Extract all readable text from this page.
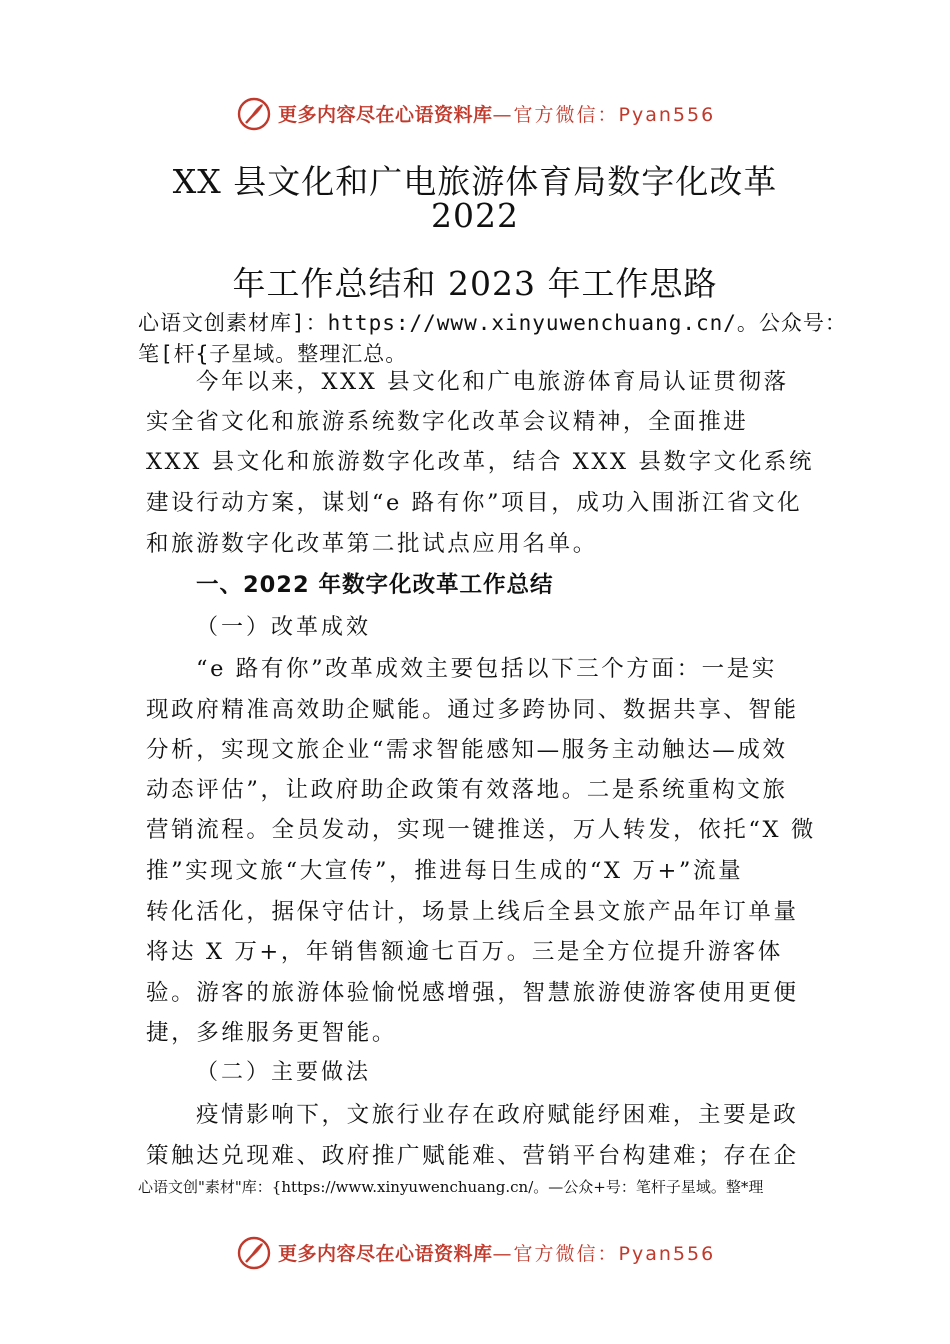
更多内容尽在心语资料库—官方微信：Pyan556
XX 县文化和广电旅游体育局数字化改革
2022
年工作总结和 2023 年工作思路
心语文创素材库]：https://www.xinyuwenchuang.cn/。公众号：
笔[杆{子星域。整理汇总。
今年以来，XXX 县文化和广电旅游体育局认证贯彻落
实全省文化和旅游系统数字化改革会议精神，全面推进
XXX 县文化和旅游数字化改革，结合 XXX 县数字文化系统
建设行动方案，谋划“e 路有你”项目，成功入围浙江省文化
和旅游数字化改革第二批试点应用名单。
一、2022 年数字化改革工作总结
（一）改革成效
“e 路有你”改革成效主要包括以下三个方面：一是实
现政府精准高效助企赋能。通过多跨协同、数据共享、智能
分析，实现文旅企业“需求智能感知—服务主动触达—成效
动态评估”，让政府助企政策有效落地。二是系统重构文旅
营销流程。全员发动，实现一键推送，万人转发，依托“X 微
推”实现文旅“大宣传”，推进每日生成的“X 万+”流量
转化活化，据保守估计，场景上线后全县文旅产品年订单量
将达 X 万+，年销售额逾七百万。三是全方位提升游客体
验。游客的旅游体验愉悦感增强，智慧旅游使游客使用更便
捷，多维服务更智能。
（二）主要做法
疫情影响下，文旅行业存在政府赋能纾困难，主要是政
策触达兑现难、政府推广赋能难、营销平台构建难；存在企
心语文创"素材"库：{https://www.xinyuwenchuang.cn/。—公众+号：笔杆子星域。整*理
更多内容尽在心语资料库—官方微信：Pyan556
